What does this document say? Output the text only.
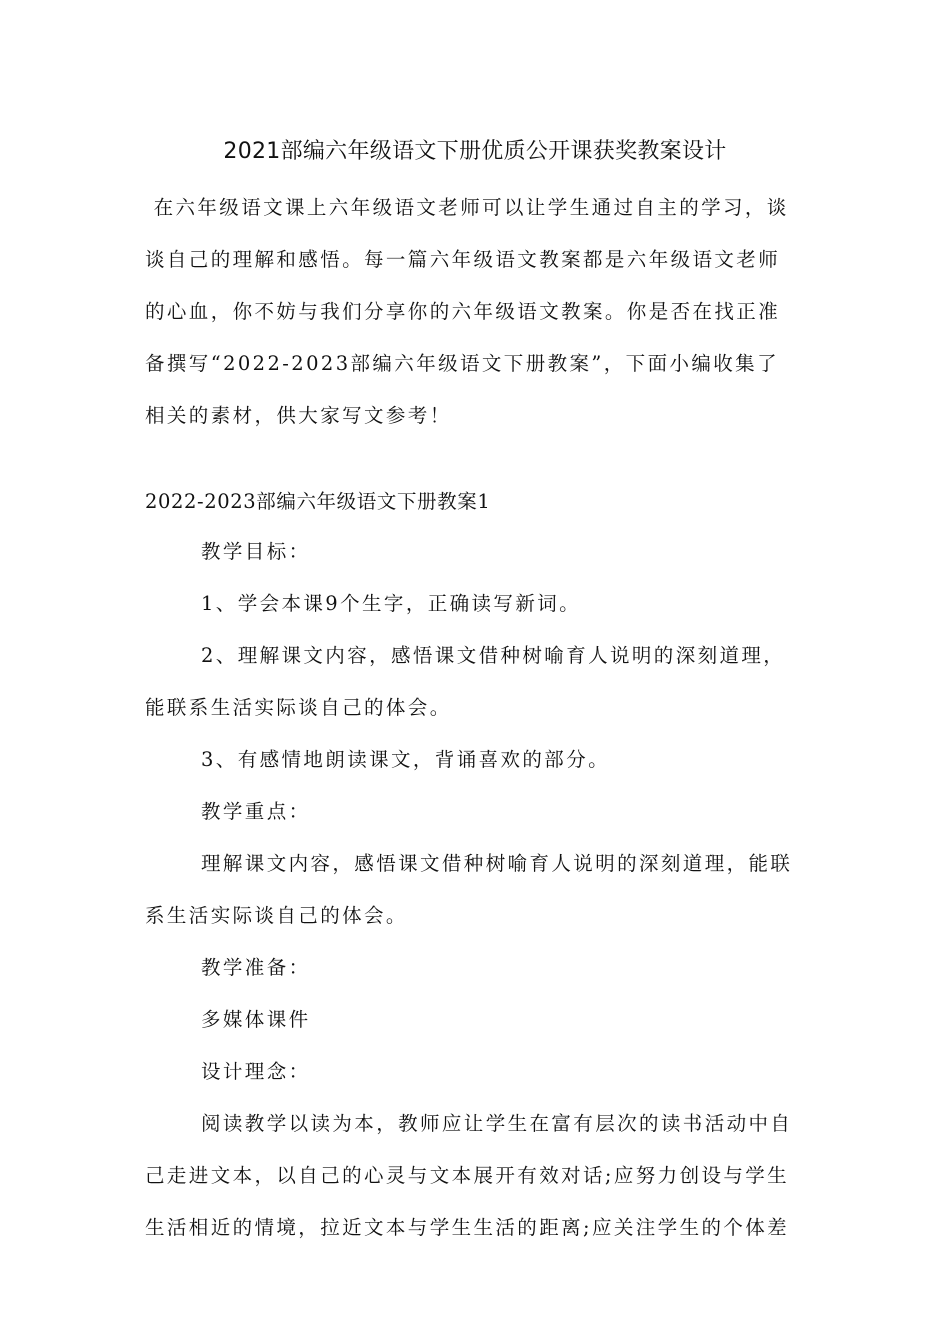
2021部编六年级语文下册优质公开课获奖教案设计
在六年级语文课上六年级语文老师可以让学生通过自主的学习，谈
谈自己的理解和感悟。每一篇六年级语文教案都是六年级语文老师
的心血，你不妨与我们分享你的六年级语文教案。你是否在找正准
备撰写“2022-2023部编六年级语文下册教案”，下面小编收集了
相关的素材，供大家写文参考！
2022-2023部编六年级语文下册教案1
教学目标：
1、学会本课9个生字，正确读写新词。
2、理解课文内容，感悟课文借种树喻育人说明的深刻道理，
能联系生活实际谈自己的体会。
3、有感情地朗读课文，背诵喜欢的部分。
教学重点：
理解课文内容，感悟课文借种树喻育人说明的深刻道理，能联
系生活实际谈自己的体会。
教学准备：
多媒体课件
设计理念：
阅读教学以读为本，教师应让学生在富有层次的读书活动中自
己走进文本，以自己的心灵与文本展开有效对话;应努力创设与学生
生活相近的情境，拉近文本与学生生活的距离;应关注学生的个体差
